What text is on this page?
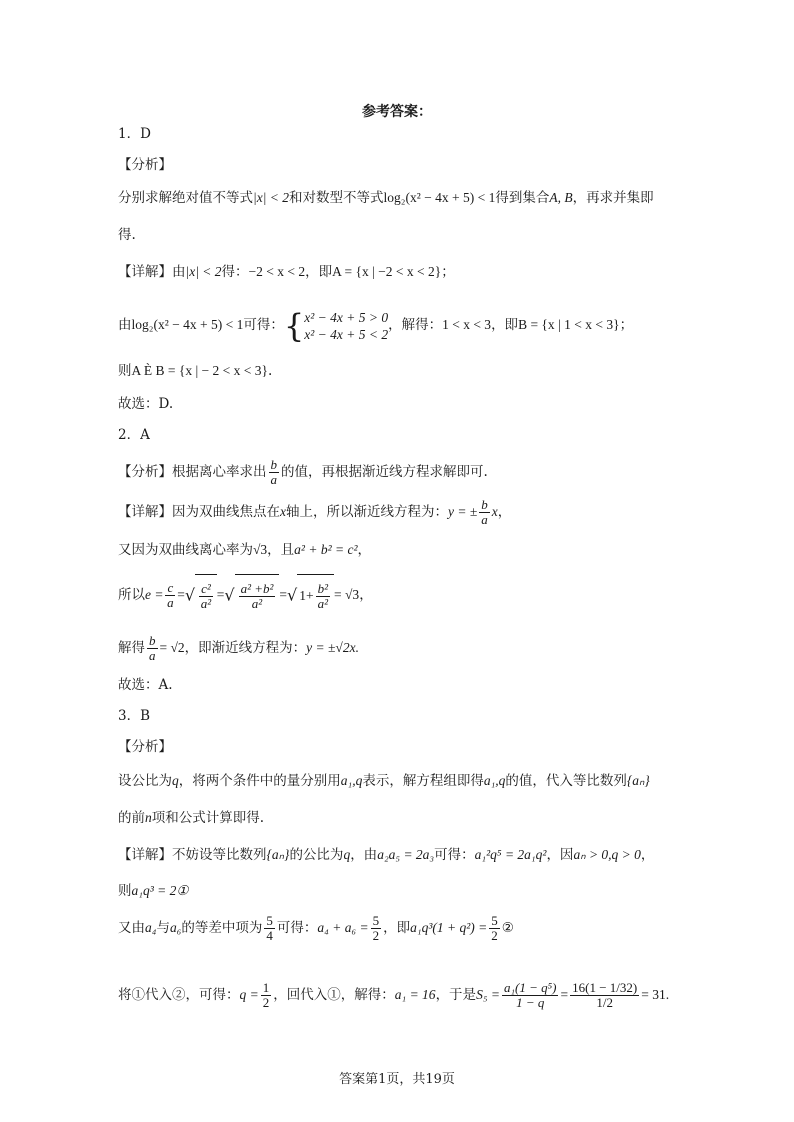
参考答案：
1．D
【分析】
分别求解绝对值不等式|x| < 2和对数型不等式log₂(x² − 4x + 5) < 1得到集合A, B，再求并集即
得.
【详解】由|x| < 2得：−2 < x < 2，即A = {x | −2 < x < 2}；
由log₂(x² − 4x + 5) < 1可得：{ x² − 4x + 5 > 0
x² − 4x + 5 < 2
，解得：1 < x < 3，即B = {x | 1 < x < 3}；
则A È B = {x | − 2 < x < 3}.
故选：D.
2．A
【分析】根据离心率求出 $\frac{b}{a}$ 的值，再根据渐近线方程求解即可.
【详解】因为双曲线焦点在x轴上，所以渐近线方程为：y = ± $\frac{b}{a}$ x，
又因为双曲线离心率为√3，且a² + b² = c²，
所以$e = \frac{c}{a}$ =√ $\frac{\text{c²}}{\text{a²}}$ =√ $\frac{\text{a² +b²}}{\text{a²}}$ =√ $1+ \frac{\text{b²}}{\text{a²}} = √3$，
解得 $\frac{b}{a} = √2$，即渐近线方程为：y = ±√2x.
故选：A.
3．B
【分析】
设公比为q，将两个条件中的量分别用a₁,q表示，解方程组即得a₁,q的值，代入等比数列{aₙ}
的前n项和公式计算即得.
【详解】不妨设等比数列{aₙ}的公比为q，由a₂a₅ = 2a₃可得：a₁²q⁵ = 2a₁q²，因aₙ > 0,q > 0，
则a₁q³ = 2①
又由a₄与a₆的等差中项为 $\frac{5}{4}$ 可得：$a_4 + a_6 = \frac{5}{2}$ ，即$a_1q^3(1 + q^2) = \frac{5}{2}$ ②
将①代入②，可得：$q = \frac{1}{2}$ ，回代入①，解得：a₁ = 16，于是$S_5 = \frac{\text{a₁(1 − q⁵)}}{1 - q} = \frac{16(1 - 1/32)}{1/2} = 31$.
答案第1页，共19页
